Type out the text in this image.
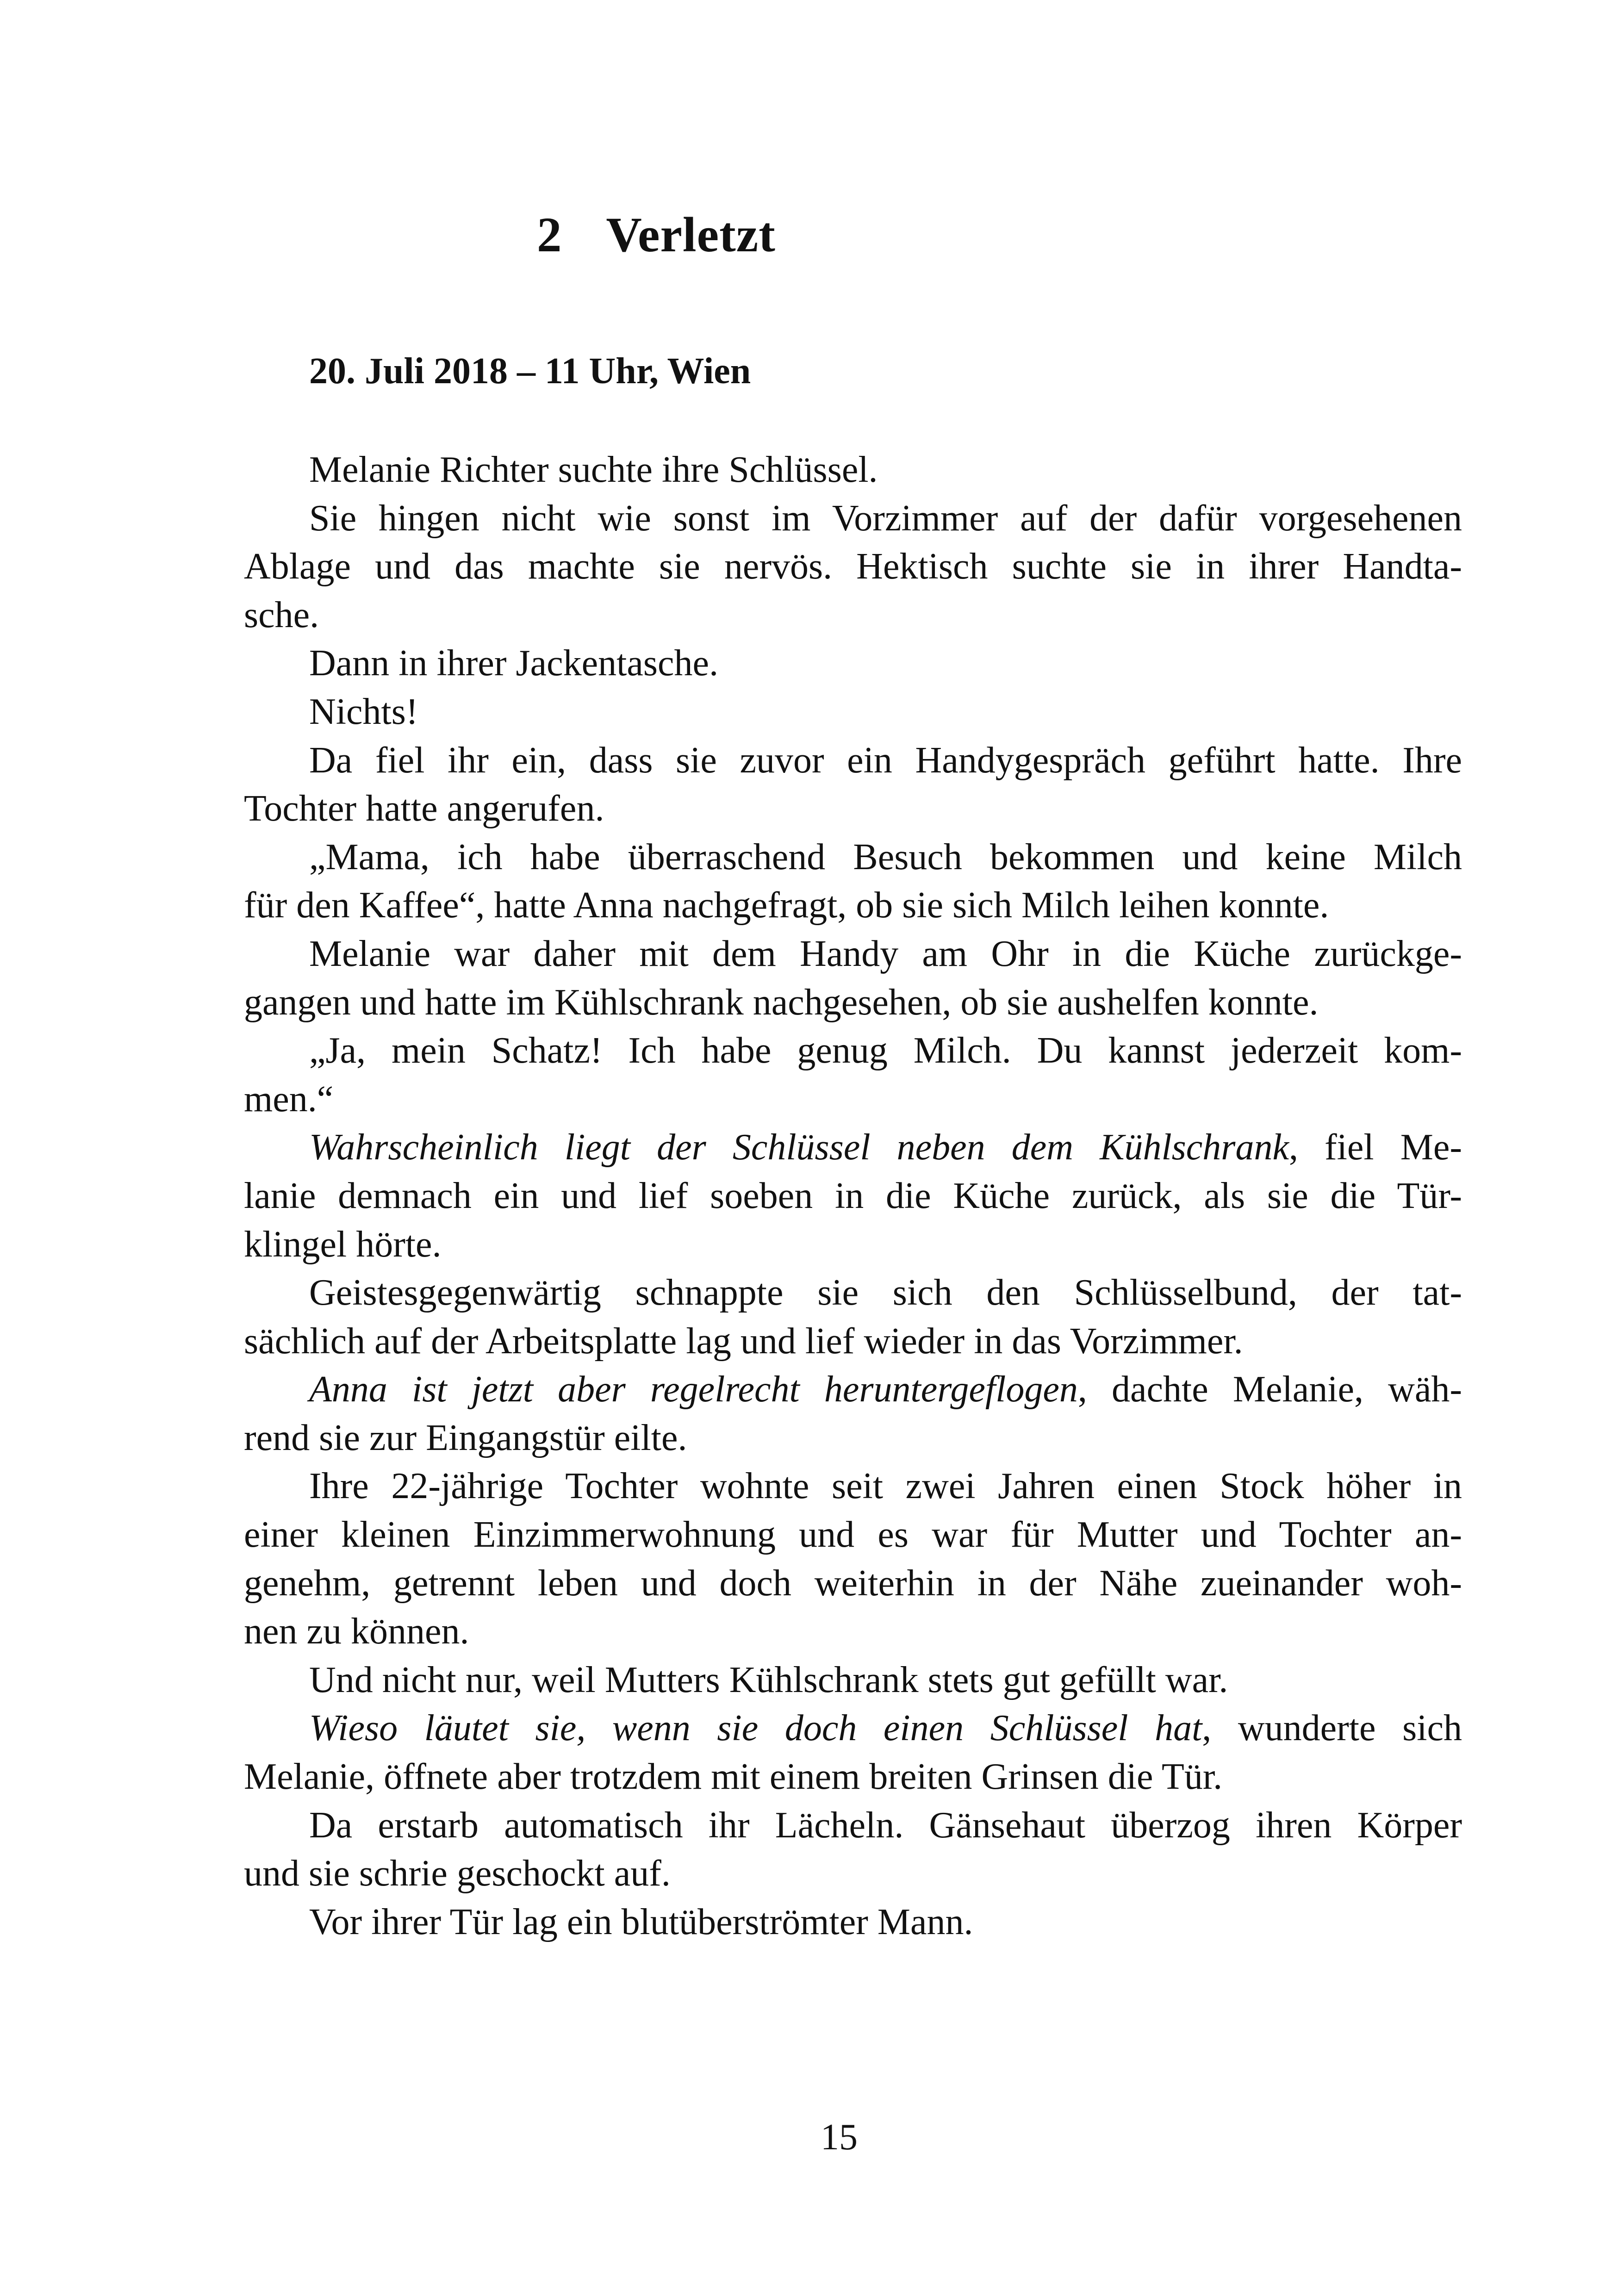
2 Verletzt
20. Juli 2018 – 11 Uhr, Wien
Melanie Richter suchte ihre Schlüssel.
Sie hingen nicht wie sonst im Vorzimmer auf der dafür vorgesehenen
Ablage und das machte sie nervös. Hektisch suchte sie in ihrer Handta-
sche.
Dann in ihrer Jackentasche.
Nichts!
Da fiel ihr ein, dass sie zuvor ein Handygespräch geführt hatte. Ihre
Tochter hatte angerufen.
„Mama, ich habe überraschend Besuch bekommen und keine Milch
für den Kaffee“, hatte Anna nachgefragt, ob sie sich Milch leihen konnte.
Melanie war daher mit dem Handy am Ohr in die Küche zurückge-
gangen und hatte im Kühlschrank nachgesehen, ob sie aushelfen konnte.
„Ja, mein Schatz! Ich habe genug Milch. Du kannst jederzeit kom-
men.“
Wahrscheinlich liegt der Schlüssel neben dem Kühlschrank, fiel Me-
lanie demnach ein und lief soeben in die Küche zurück, als sie die Tür-
klingel hörte.
Geistesgegenwärtig schnappte sie sich den Schlüsselbund, der tat-
sächlich auf der Arbeitsplatte lag und lief wieder in das Vorzimmer.
Anna ist jetzt aber regelrecht heruntergeflogen, dachte Melanie, wäh-
rend sie zur Eingangstür eilte.
Ihre 22-jährige Tochter wohnte seit zwei Jahren einen Stock höher in
einer kleinen Einzimmerwohnung und es war für Mutter und Tochter an-
genehm, getrennt leben und doch weiterhin in der Nähe zueinander woh-
nen zu können.
Und nicht nur, weil Mutters Kühlschrank stets gut gefüllt war.
Wieso läutet sie, wenn sie doch einen Schlüssel hat, wunderte sich
Melanie, öffnete aber trotzdem mit einem breiten Grinsen die Tür.
Da erstarb automatisch ihr Lächeln. Gänsehaut überzog ihren Körper
und sie schrie geschockt auf.
Vor ihrer Tür lag ein blutüberströmter Mann.
15
